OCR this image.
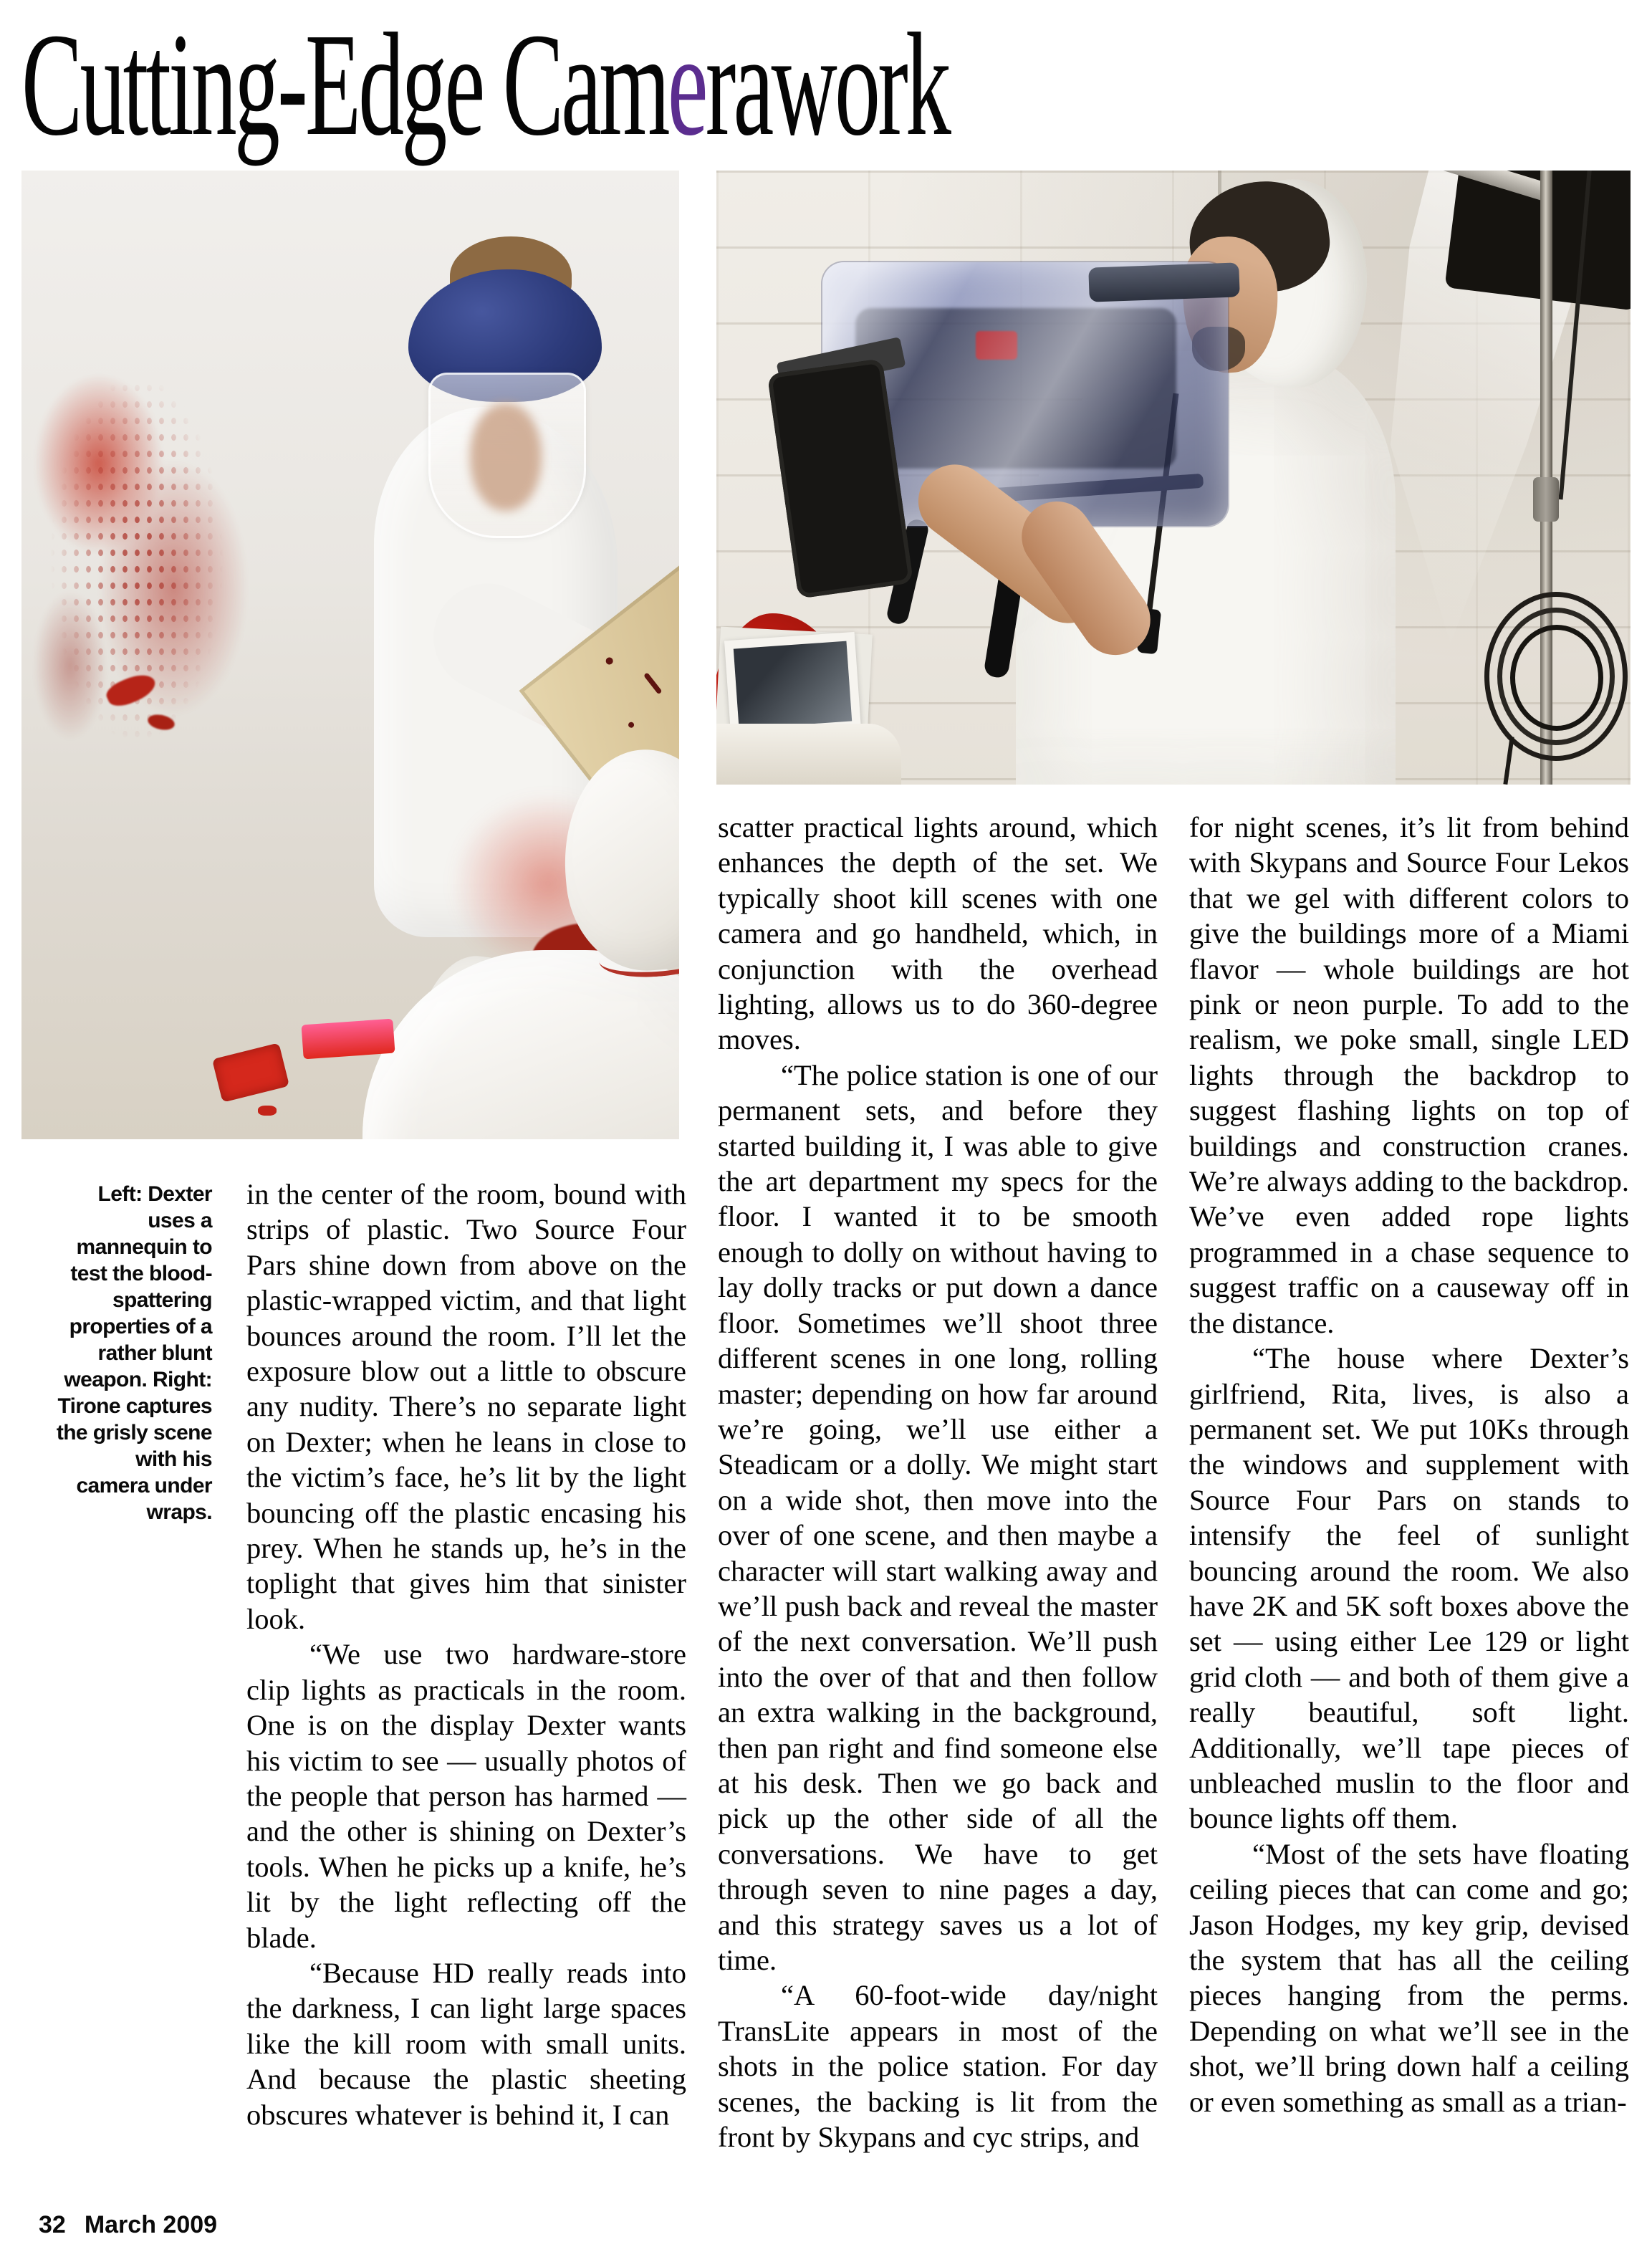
Cutting-Edge Camerawork
Left: Dexter
uses a
mannequin to
test the blood-
spattering
properties of a
rather blunt
weapon. Right:
Tirone captures
the grisly scene
with his
camera under
wraps.

in the center of the room, bound with strips of plastic. Two Source Four Pars shine down from above on the plastic-wrapped victim, and that light bounces around the room. I’ll let the exposure blow out a little to obscure any nudity. There’s no separate light on Dexter; when he leans in close to the victim’s face, he’s lit by the light bouncing off the plastic encasing his prey. When he stands up, he’s in the toplight that gives him that sinister look.

“We use two hardware-store clip lights as practicals in the room. One is on the display Dexter wants his victim to see — usually photos of the people that person has harmed — and the other is shining on Dexter’s tools. When he picks up a knife, he’s lit by the light reflecting off the blade.

“Because HD really reads into the darkness, I can light large spaces like the kill room with small units. And because the plastic sheeting obscures whatever is behind it, I can

scatter practical lights around, which enhances the depth of the set. We typically shoot kill scenes with one camera and go handheld, which, in conjunction with the overhead lighting, allows us to do 360-degree moves.

“The police station is one of our permanent sets, and before they started building it, I was able to give the art department my specs for the floor. I wanted it to be smooth enough to dolly on without having to lay dolly tracks or put down a dance floor. Sometimes we’ll shoot three different scenes in one long, rolling master; depending on how far around we’re going, we’ll use either a Steadicam or a dolly. We might start on a wide shot, then move into the over of one scene, and then maybe a character will start walking away and we’ll push back and reveal the master of the next conversation. We’ll push into the over of that and then follow an extra walking in the background, then pan right and find someone else at his desk. Then we go back and pick up the other side of all the conversations. We have to get through seven to nine pages a day, and this strategy saves us a lot of time.

“A 60-foot-wide day/night TransLite appears in most of the shots in the police station. For day scenes, the backing is lit from the front by Skypans and cyc strips, and

for night scenes, it’s lit from behind with Skypans and Source Four Lekos that we gel with different colors to give the buildings more of a Miami flavor — whole buildings are hot pink or neon purple. To add to the realism, we poke small, single LED lights through the backdrop to suggest flashing lights on top of buildings and construction cranes. We’re always adding to the backdrop. We’ve even added rope lights programmed in a chase sequence to suggest traffic on a causeway off in the distance.

“The house where Dexter’s girlfriend, Rita, lives, is also a permanent set. We put 10Ks through the windows and supplement with Source Four Pars on stands to intensify the feel of sunlight bouncing around the room. We also have 2K and 5K soft boxes above the set — using either Lee 129 or light grid cloth — and both of them give a really beautiful, soft light. Additionally, we’ll tape pieces of unbleached muslin to the floor and bounce lights off them.

“Most of the sets have floating ceiling pieces that can come and go; Jason Hodges, my key grip, devised the system that has all the ceiling pieces hanging from the perms. Depending on what we’ll see in the shot, we’ll bring down half a ceiling or even something as small as a trian-

32 March 2009
